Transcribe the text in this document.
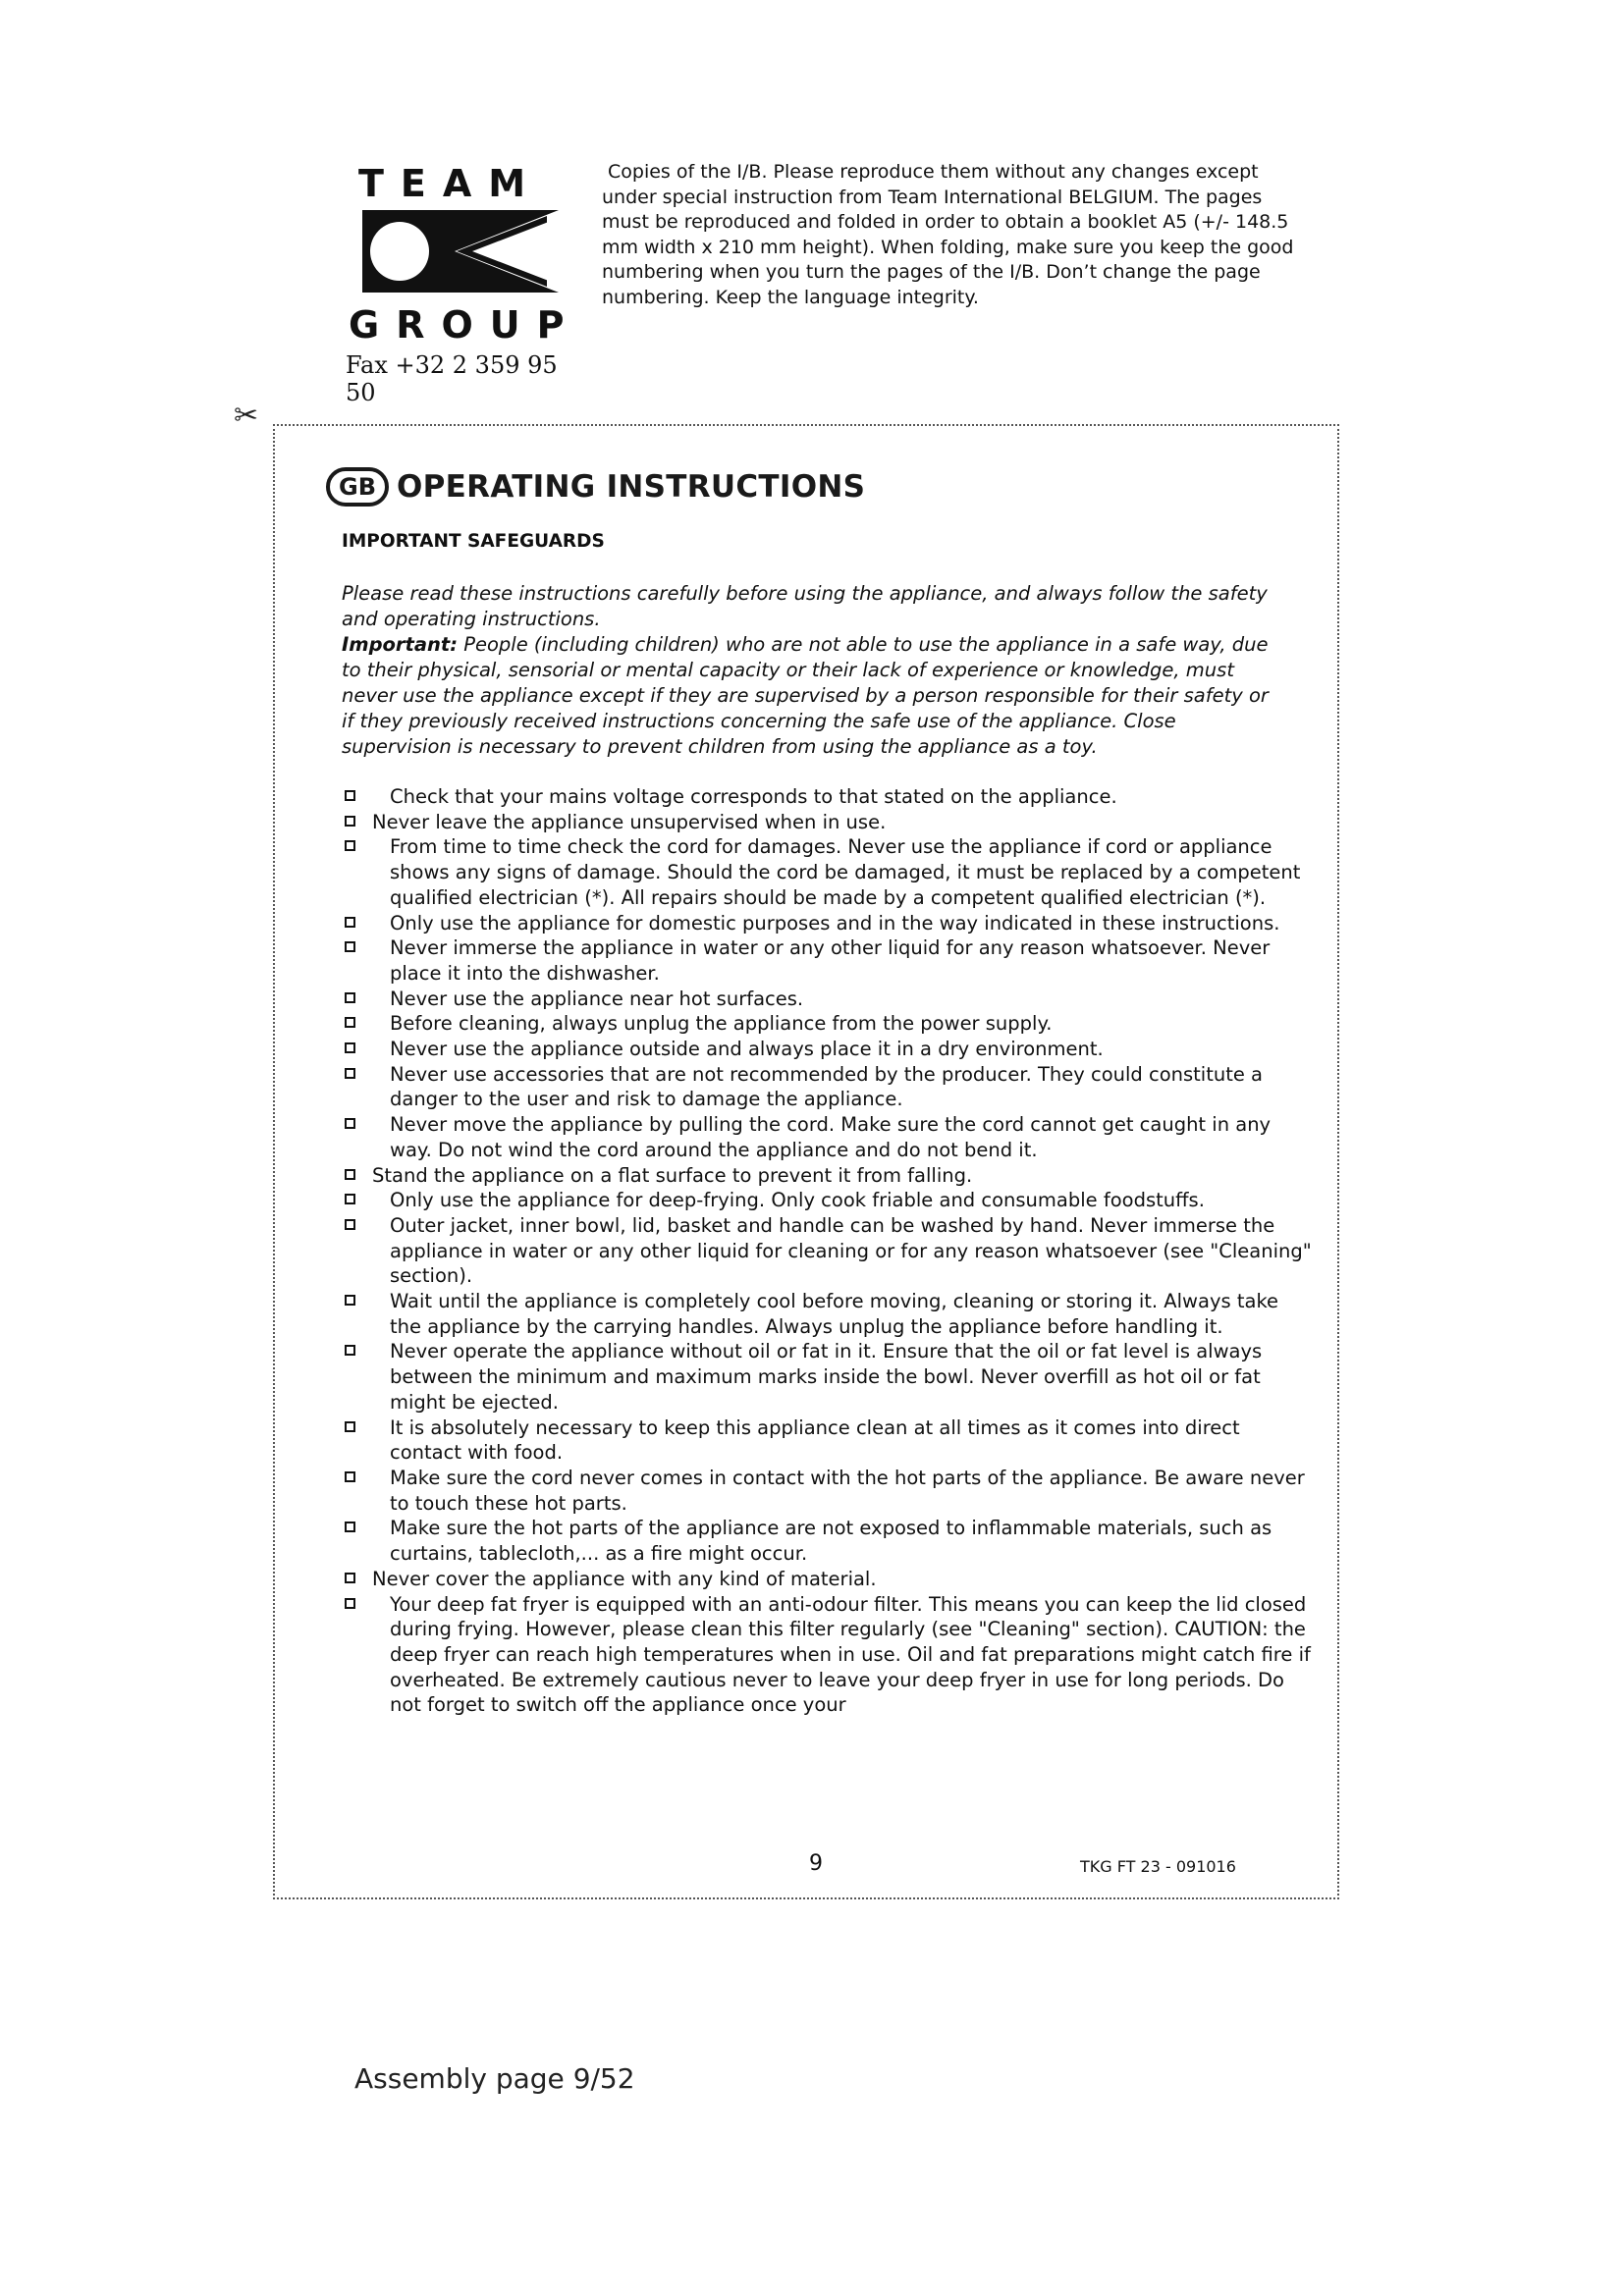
TEAM
GROUP
Fax +32 2 359 95 50

Copies of the I/B. Please reproduce them without any changes except under special instruction from Team International BELGIUM. The pages must be reproduced and folded in order to obtain a booklet A5 (+/- 148.5 mm width x 210 mm height). When folding, make sure you keep the good numbering when you turn the pages of the I/B. Don’t change the page numbering. Keep the language integrity.

✂
GB OPERATING INSTRUCTIONS
IMPORTANT SAFEGUARDS

Please read these instructions carefully before using the appliance, and always follow the safety and operating instructions.

Important: People (including children) who are not able to use the appliance in a safe way, due to their physical, sensorial or mental capacity or their lack of experience or knowledge, must never use the appliance except if they are supervised by a person responsible for their safety or if they previously received instructions concerning the safe use of the appliance. Close supervision is necessary to prevent children from using the appliance as a toy.

Check that your mains voltage corresponds to that stated on the appliance.
Never leave the appliance unsupervised when in use.
From time to time check the cord for damages. Never use the appliance if cord or appliance shows any signs of damage. Should the cord be damaged, it must be replaced by a competent qualified electrician (*). All repairs should be made by a competent qualified electrician (*).
Only use the appliance for domestic purposes and in the way indicated in these instructions.
Never immerse the appliance in water or any other liquid for any reason whatsoever. Never place it into the dishwasher.
Never use the appliance near hot surfaces.
Before cleaning, always unplug the appliance from the power supply.
Never use the appliance outside and always place it in a dry environment.
Never use accessories that are not recommended by the producer. They could constitute a danger to the user and risk to damage the appliance.
Never move the appliance by pulling the cord. Make sure the cord cannot get caught in any way. Do not wind the cord around the appliance and do not bend it.
Stand the appliance on a flat surface to prevent it from falling.
Only use the appliance for deep-frying. Only cook friable and consumable foodstuffs.
Outer jacket, inner bowl, lid, basket and handle can be washed by hand. Never immerse the appliance in water or any other liquid for cleaning or for any reason whatsoever (see "Cleaning" section).
Wait until the appliance is completely cool before moving, cleaning or storing it. Always take the appliance by the carrying handles. Always unplug the appliance before handling it.
Never operate the appliance without oil or fat in it. Ensure that the oil or fat level is always between the minimum and maximum marks inside the bowl. Never overfill as hot oil or fat might be ejected.
It is absolutely necessary to keep this appliance clean at all times as it comes into direct contact with food.
Make sure the cord never comes in contact with the hot parts of the appliance. Be aware never to touch these hot parts.
Make sure the hot parts of the appliance are not exposed to inflammable materials, such as curtains, tablecloth,... as a fire might occur.
Never cover the appliance with any kind of material.
Your deep fat fryer is equipped with an anti-odour filter. This means you can keep the lid closed during frying. However, please clean this filter regularly (see "Cleaning" section). CAUTION: the deep fryer can reach high temperatures when in use. Oil and fat preparations might catch fire if overheated. Be extremely cautious never to leave your deep fryer in use for long periods. Do not forget to switch off the appliance once your
9	TKG FT 23 - 091016
Assembly page 9/52
